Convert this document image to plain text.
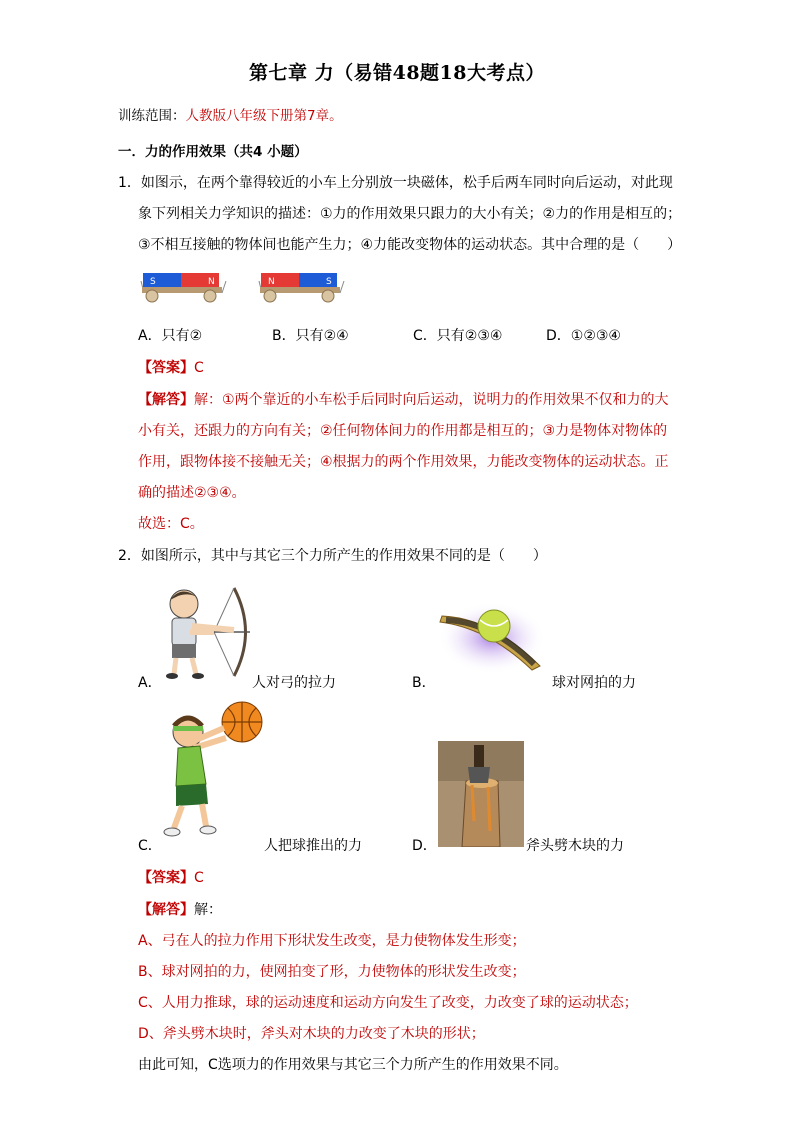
第七章 力（易错48题18大考点）
训练范围：人教版八年级下册第7章。
一．力的作用效果（共4 小题）
1．如图示，在两个靠得较近的小车上分别放一块磁体，松手后两车同时向后运动，对此现
象下列相关力学知识的描述：①力的作用效果只跟力的大小有关；②力的作用是相互的；
③不相互接触的物体间也能产生力；④力能改变物体的运动状态。其中合理的是（　　）
S	N	N	S
A．只有②	B．只有②④	C．只有②③④	D．①②③④
【答案】C
【解答】解：①两个靠近的小车松手后同时向后运动，说明力的作用效果不仅和力的大
小有关，还跟力的方向有关；②任何物体间力的作用都是相互的；③力是物体对物体的
作用，跟物体接不接触无关；④根据力的两个作用效果，力能改变物体的运动状态。正
确的描述②③④。
故选：C。
2．如图所示，其中与其它三个力所产生的作用效果不同的是（　　）
A．	人对弓的拉力	B．	球对网拍的力
C．	人把球推出的力	D．	斧头劈木块的力
【答案】C
【解答】解：
A、弓在人的拉力作用下形状发生改变，是力使物体发生形变；
B、球对网拍的力，使网拍变了形，力使物体的形状发生改变；
C、人用力推球，球的运动速度和运动方向发生了改变，力改变了球的运动状态；
D、斧头劈木块时，斧头对木块的力改变了木块的形状；
由此可知，C选项力的作用效果与其它三个力所产生的作用效果不同。
